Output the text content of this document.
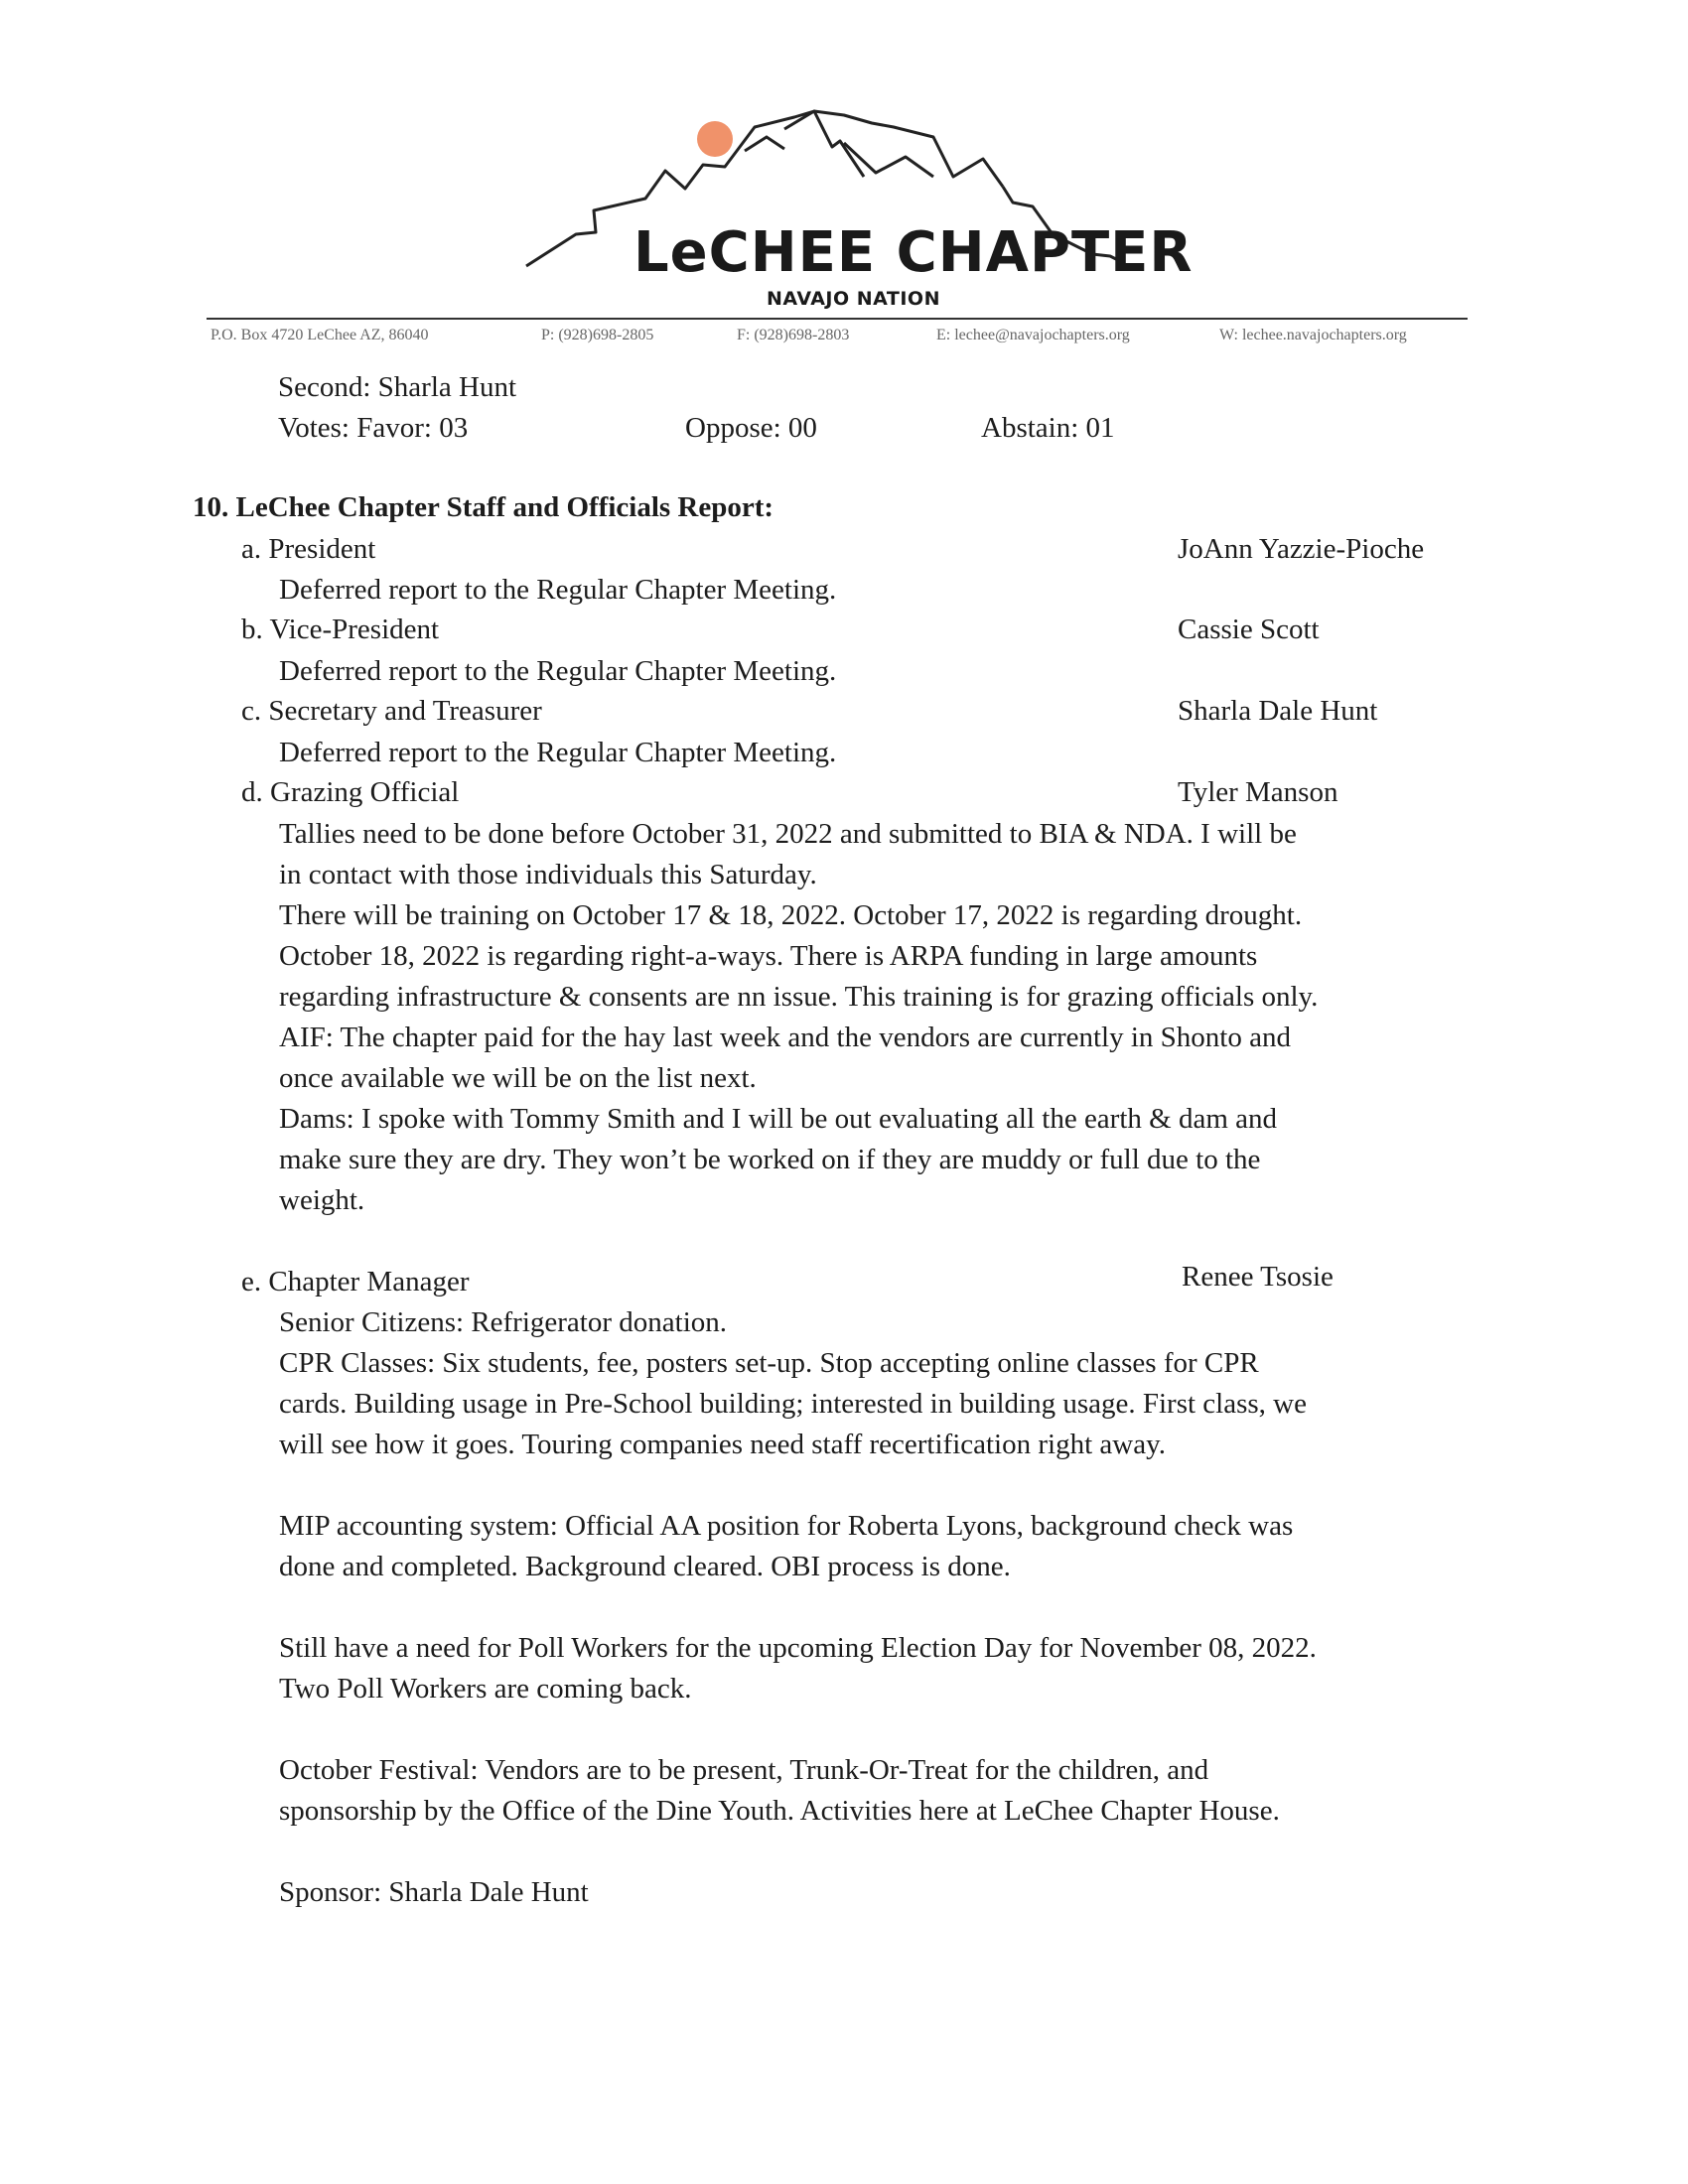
LeCHEE CHAPTER
NAVAJO NATION
P.O. Box 4720 LeChee AZ, 86040	P: (928)698-2805	F: (928)698-2803	E: lechee@navajochapters.org	W: lechee.navajochapters.org
Second: Sharla Hunt
Votes: Favor: 03	Oppose: 00	Abstain: 01
10. LeChee Chapter Staff and Officials Report:
a. President	JoAnn Yazzie-Pioche
Deferred report to the Regular Chapter Meeting.
b. Vice-President	Cassie Scott
Deferred report to the Regular Chapter Meeting.
c. Secretary and Treasurer	Sharla Dale Hunt
Deferred report to the Regular Chapter Meeting.
d. Grazing Official	Tyler Manson
Tallies need to be done before October 31, 2022 and submitted to BIA & NDA. I will be
in contact with those individuals this Saturday.
There will be training on October 17 & 18, 2022. October 17, 2022 is regarding drought.
October 18, 2022 is regarding right-a-ways. There is ARPA funding in large amounts
regarding infrastructure & consents are nn issue. This training is for grazing officials only.
AIF: The chapter paid for the hay last week and the vendors are currently in Shonto and
once available we will be on the list next.
Dams: I spoke with Tommy Smith and I will be out evaluating all the earth & dam and
make sure they are dry. They won’t be worked on if they are muddy or full due to the
weight.
e. Chapter Manager	Renee Tsosie
Senior Citizens: Refrigerator donation.
CPR Classes: Six students, fee, posters set-up. Stop accepting online classes for CPR
cards. Building usage in Pre-School building; interested in building usage. First class, we
will see how it goes. Touring companies need staff recertification right away.
MIP accounting system: Official AA position for Roberta Lyons, background check was
done and completed. Background cleared. OBI process is done.
Still have a need for Poll Workers for the upcoming Election Day for November 08, 2022.
Two Poll Workers are coming back.
October Festival: Vendors are to be present, Trunk-Or-Treat for the children, and
sponsorship by the Office of the Dine Youth. Activities here at LeChee Chapter House.
Sponsor: Sharla Dale Hunt
